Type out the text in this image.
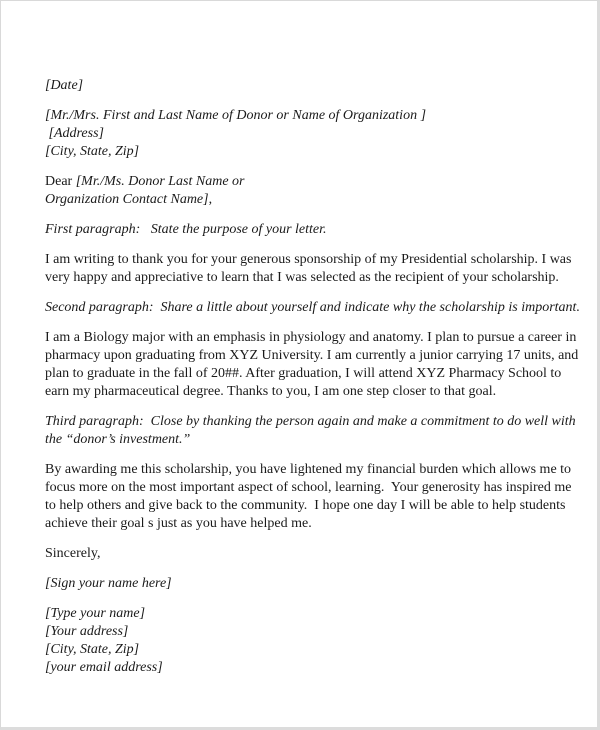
[Date]
[Mr./Mrs. First and Last Name of Donor or Name of Organization ]
[Address]
[City, State, Zip]
Dear [Mr./Ms. Donor Last Name or
Organization Contact Name],
First paragraph:   State the purpose of your letter.
I am writing to thank you for your generous sponsorship of my Presidential scholarship. I was
very happy and appreciative to learn that I was selected as the recipient of your scholarship.
Second paragraph:  Share a little about yourself and indicate why the scholarship is important.
I am a Biology major with an emphasis in physiology and anatomy. I plan to pursue a career in
pharmacy upon graduating from XYZ University. I am currently a junior carrying 17 units, and
plan to graduate in the fall of 20##. After graduation, I will attend XYZ Pharmacy School to
earn my pharmaceutical degree. Thanks to you, I am one step closer to that goal.
Third paragraph:  Close by thanking the person again and make a commitment to do well with
the “donor’s investment.”
By awarding me this scholarship, you have lightened my financial burden which allows me to
focus more on the most important aspect of school, learning.  Your generosity has inspired me
to help others and give back to the community.  I hope one day I will be able to help students
achieve their goal s just as you have helped me.
Sincerely,
[Sign your name here]
[Type your name]
[Your address]
[City, State, Zip]
[your email address]
